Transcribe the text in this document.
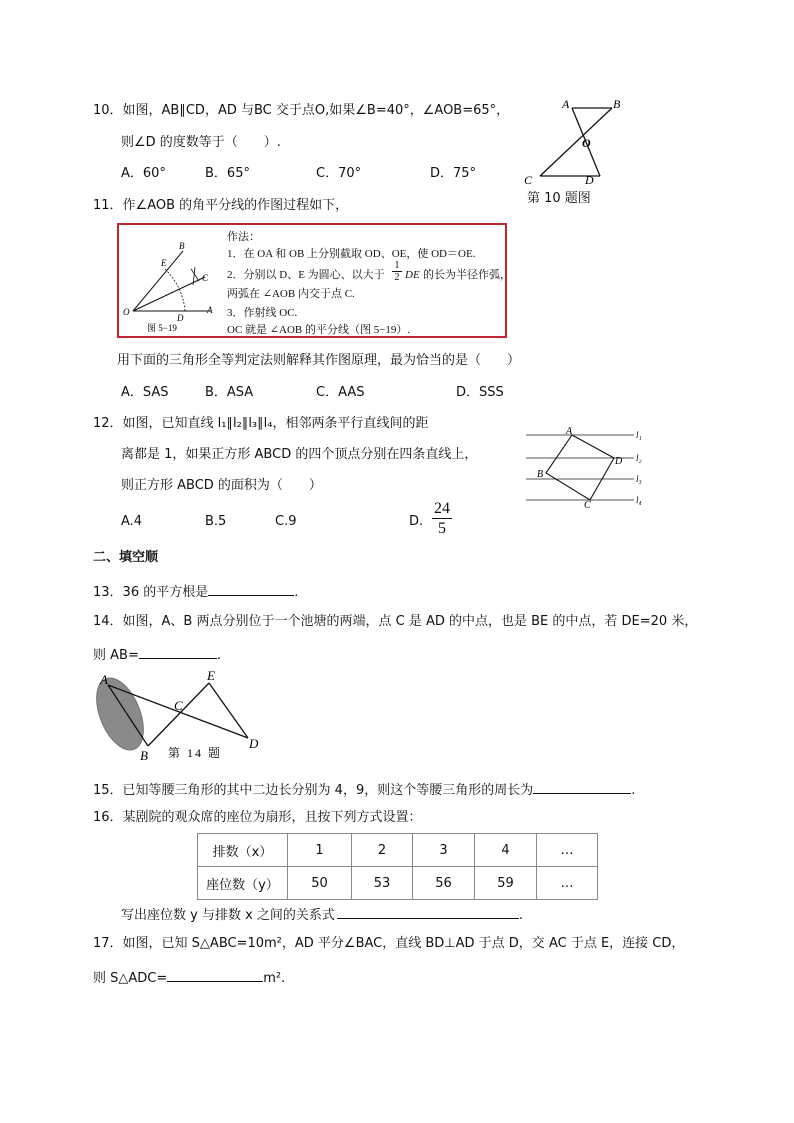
10．如图，AB∥CD，AD 与BC 交于点O,如果∠B=40°，∠AOB=65°，
则∠D 的度数等于（　　）.
A．60°	B．65°	C．70°	D．75°
A	B
O
C	D
第 10 题图
11．作∠AOB 的角平分线的作图过程如下，
B
E
C
O
D
A
图 5−19
作法：
1．在 OA 和 OB 上分别截取 OD、OE，使 OD＝OE.
2．分别以 D、E 为圆心、以大于 $\frac{1}{2}$ DE 的长为半径作弧，
两弧在 ∠AOB 内交于点 C.
3．作射线 OC.
OC 就是 ∠AOB 的平分线（图 5−19）.
用下面的三角形全等判定法则解释其作图原理，最为恰当的是（　　）
A．SAS	B．ASA	C．AAS	D．SSS
12．如图，已知直线 l₁∥l₂∥l₃∥l₄，相邻两条平行直线间的距
离都是 1，如果正方形 ABCD 的四个顶点分别在四条直线上，
则正方形 ABCD 的面积为（　　）
A.4	B.5	C.9	D. $\frac{24}{5}$
A
D
B
C
l₁
l₂
l₃
l₄
二、填空顺
13．36 的平方根是	.
14．如图，A、B 两点分别位于一个池塘的两端，点 C 是 AD 的中点，也是 BE 的中点，若 DE=20 米，
则 AB=	.
A	E
C
B
D
第 14 题
15．已知等腰三角形的其中二边长分别为 4，9，则这个等腰三角形的周长为	.
16．某剧院的观众席的座位为扇形，且按下列方式设置：
排数（x）	1	2	3	4	…
座位数（y）	50	53	56	59	…
写出座位数 y 与排数 x 之间的关系式	.
17．如图，已知 S△ABC=10m²，AD 平分∠BAC，直线 BD⊥AD 于点 D，交 AC 于点 E，连接 CD，
则 S△ADC=	m².
